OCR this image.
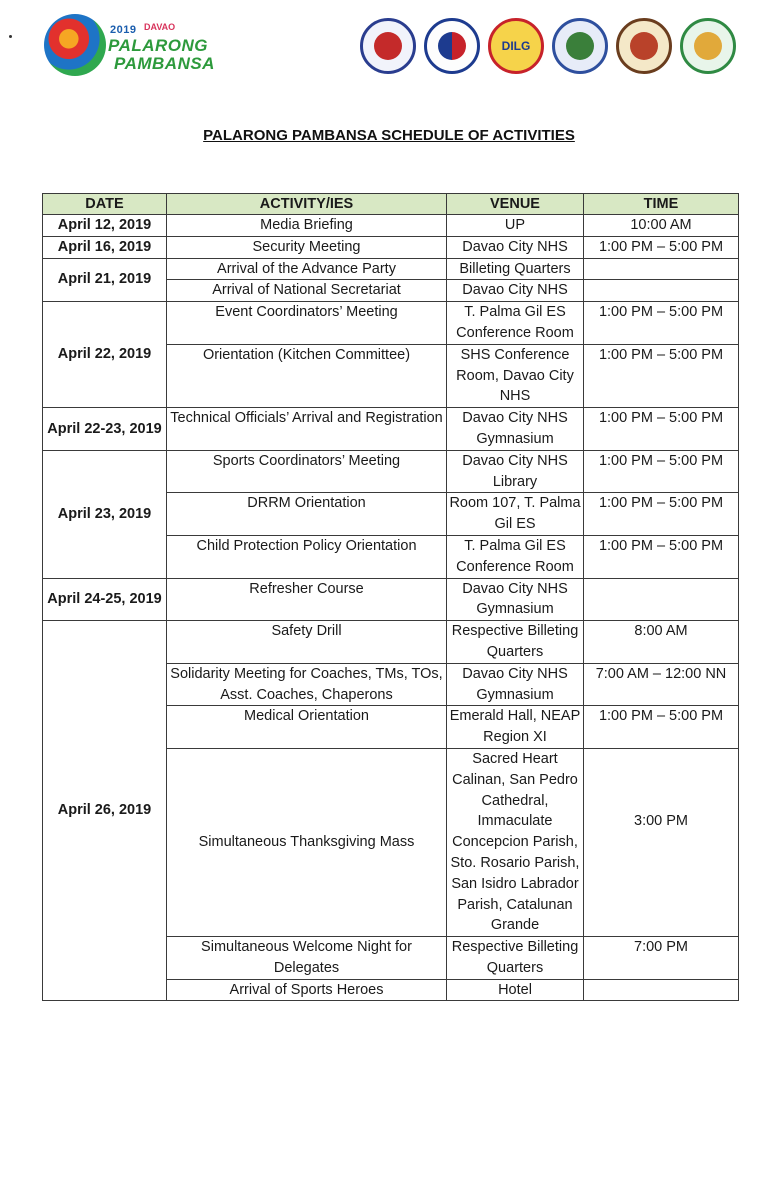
2019 DAVAO
PALARONG
PAMBANSA
DILG
PALARONG PAMBANSA SCHEDULE OF ACTIVITIES
DATE	ACTIVITY/IES	VENUE	TIME
April 12, 2019	Media Briefing	UP	10:00 AM
April 16, 2019	Security Meeting	Davao City NHS	1:00 PM – 5:00 PM
April 21, 2019	Arrival of the Advance Party	Billeting Quarters	
	Arrival of National Secretariat	Davao City NHS	
April 22, 2019	Event Coordinators’ Meeting	T. Palma Gil ES Conference Room	1:00 PM – 5:00 PM
	Orientation (Kitchen Committee)	SHS Conference Room, Davao City NHS	1:00 PM – 5:00 PM
April 22-23, 2019	Technical Officials’ Arrival and Registration	Davao City NHS Gymnasium	1:00 PM – 5:00 PM
April 23, 2019	Sports Coordinators’ Meeting	Davao City NHS Library	1:00 PM – 5:00 PM
	DRRM Orientation	Room 107, T. Palma Gil ES	1:00 PM – 5:00 PM
	Child Protection Policy Orientation	T. Palma Gil ES Conference Room	1:00 PM – 5:00 PM
April 24-25, 2019	Refresher Course	Davao City NHS Gymnasium	
April 26, 2019	Safety Drill	Respective Billeting Quarters	8:00 AM
	Solidarity Meeting for Coaches, TMs, TOs, Asst. Coaches, Chaperons	Davao City NHS Gymnasium	7:00 AM – 12:00 NN
	Medical Orientation	Emerald Hall, NEAP Region XI	1:00 PM – 5:00 PM
	Simultaneous Thanksgiving Mass	Sacred Heart Calinan, San Pedro Cathedral, Immaculate Concepcion Parish, Sto. Rosario Parish, San Isidro Labrador Parish, Catalunan Grande	3:00 PM
	Simultaneous Welcome Night for Delegates	Respective Billeting Quarters	7:00 PM
	Arrival of Sports Heroes	Hotel	
